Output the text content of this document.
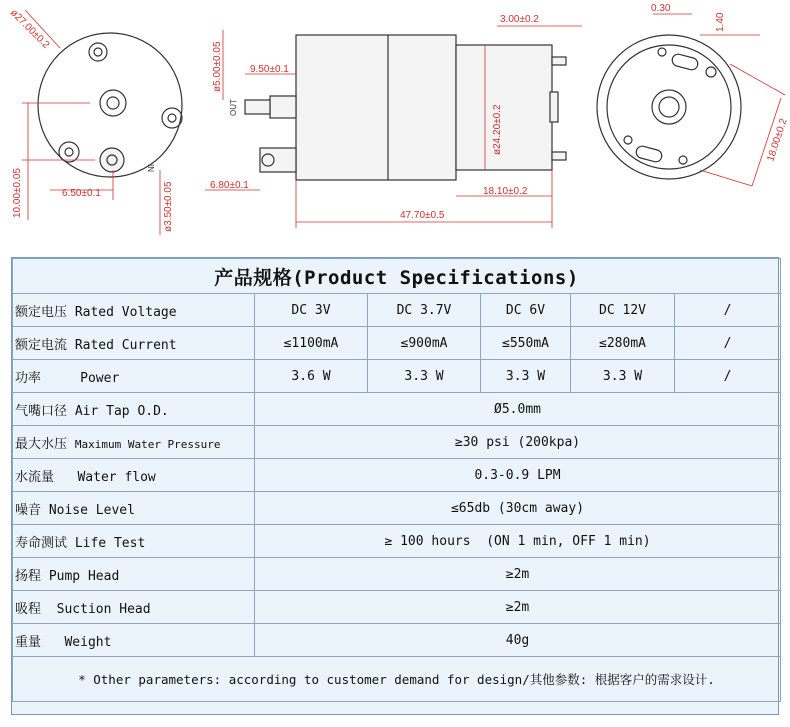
IN
ø27.00±0.2
10.00±0.05	6.50±0.1	ø3.50±0.05
OUT
9.50±0.1
ø5.00±0.05
6.80±0.1
3.00±0.2
ø24.20±0.2
18.10±0.2
47.70±0.5
0.30
1.40
18.00±0.2
产品规格(Product Specifications)					
额定电压 Rated Voltage	DC 3V	DC 3.7V	DC 6V	DC 12V	/
额定电流 Rated Current	≤1100mA	≤900mA	≤550mA	≤280mA	/
功率     Power	3.6 W	3.3 W	3.3 W	3.3 W	/
气嘴口径 Air Tap O.D.	Ø5.0mm				
最大水压 Maximum Water Pressure	≥30 psi (200kpa)				
水流量   Water flow	0.3-0.9 LPM				
噪音 Noise Level	≤65db (30cm away)				
寿命测试 Life Test	≥ 100 hours  (ON 1 min, OFF 1 min)				
扬程 Pump Head	≥2m				
吸程  Suction Head	≥2m				
重量   Weight	40g				
* Other parameters: according to customer demand for design/其他参数: 根据客户的需求设计.					
